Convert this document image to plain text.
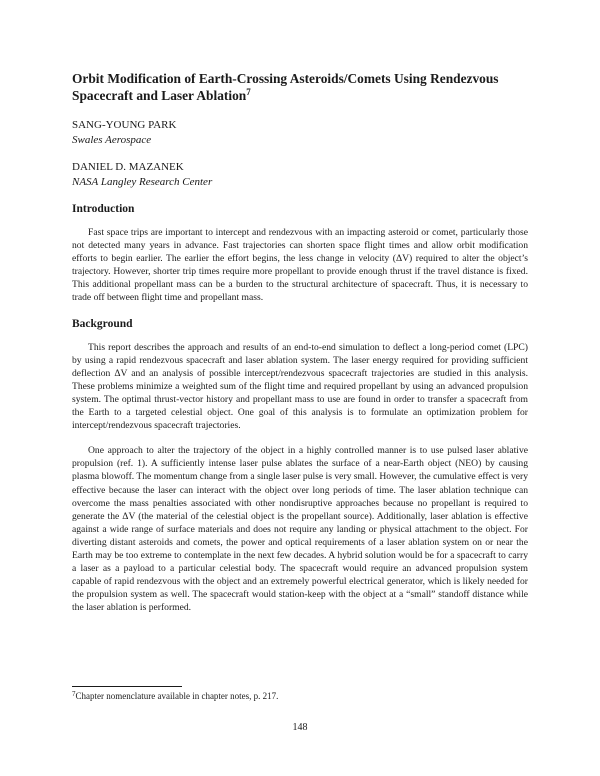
Orbit Modification of Earth-Crossing Asteroids/Comets Using Rendezvous Spacecraft and Laser Ablation$^7$
SANG-YOUNG PARK
Swales Aerospace
DANIEL D. MAZANEK
NASA Langley Research Center
Introduction

Fast space trips are important to intercept and rendezvous with an impacting asteroid or comet, particularly those not detected many years in advance. Fast trajectories can shorten space flight times and allow orbit modification efforts to begin earlier. The earlier the effort begins, the less change in velocity (ΔV) required to alter the object’s trajectory. However, shorter trip times require more propellant to provide enough thrust if the travel distance is fixed. This additional propellant mass can be a burden to the structural architecture of spacecraft. Thus, it is necessary to trade off between flight time and propellant mass.

Background

This report describes the approach and results of an end-to-end simulation to deflect a long-period comet (LPC) by using a rapid rendezvous spacecraft and laser ablation system. The laser energy required for providing sufficient deflection ΔV and an analysis of possible intercept/rendezvous spacecraft trajectories are studied in this analysis. These problems minimize a weighted sum of the flight time and required propellant by using an advanced propulsion system. The optimal thrust-vector history and propellant mass to use are found in order to transfer a spacecraft from the Earth to a targeted celestial object. One goal of this analysis is to formulate an optimization problem for intercept/rendezvous spacecraft trajectories.

One approach to alter the trajectory of the object in a highly controlled manner is to use pulsed laser ablative propulsion (ref. 1). A sufficiently intense laser pulse ablates the surface of a near-Earth object (NEO) by causing plasma blowoff. The momentum change from a single laser pulse is very small. However, the cumulative effect is very effective because the laser can interact with the object over long periods of time. The laser ablation technique can overcome the mass penalties associated with other nondisruptive approaches because no propellant is required to generate the ΔV (the material of the celestial object is the propellant source). Additionally, laser ablation is effective against a wide range of surface materials and does not require any landing or physical attachment to the object. For diverting distant asteroids and comets, the power and optical requirements of a laser ablation system on or near the Earth may be too extreme to contemplate in the next few decades. A hybrid solution would be for a spacecraft to carry a laser as a payload to a particular celestial body. The spacecraft would require an advanced propulsion system capable of rapid rendezvous with the object and an extremely powerful electrical generator, which is likely needed for the propulsion system as well. The spacecraft would station-keep with the object at a “small” standoff distance while the laser ablation is performed.

$^7$Chapter nomenclature available in chapter notes, p. 217.
148
